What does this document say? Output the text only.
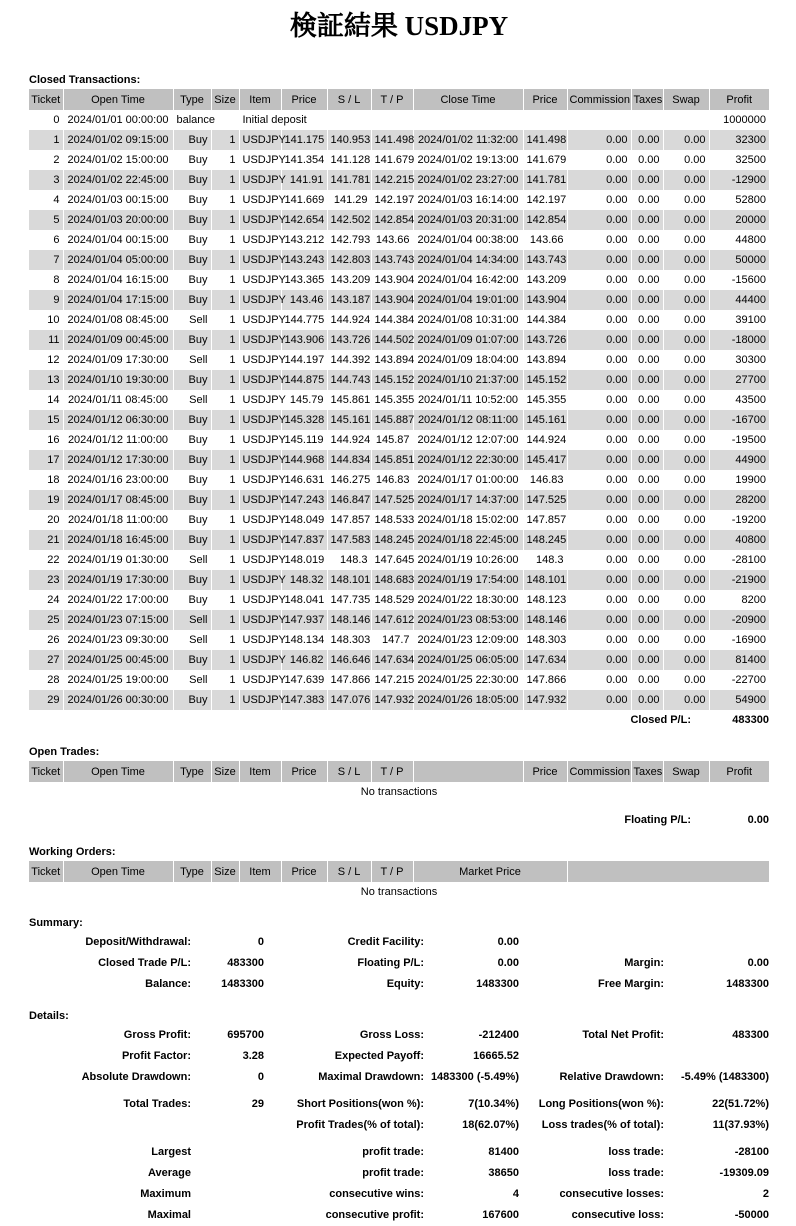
検証結果 USDJPY
Closed Transactions:
Ticket	Open Time	Type	Size	Item	Price	S / L	T / P	Close Time	Price	Commission	Taxes	Swap	Profit
0	2024/01/01 00:00:00	balance		Initial deposit									1000000
1	2024/01/02 09:15:00	Buy	1	USDJPY	141.175	140.953	141.498	2024/01/02 11:32:00	141.498	0.00	0.00	0.00	32300
2	2024/01/02 15:00:00	Buy	1	USDJPY	141.354	141.128	141.679	2024/01/02 19:13:00	141.679	0.00	0.00	0.00	32500
3	2024/01/02 22:45:00	Buy	1	USDJPY	141.91	141.781	142.215	2024/01/02 23:27:00	141.781	0.00	0.00	0.00	-12900
4	2024/01/03 00:15:00	Buy	1	USDJPY	141.669	141.29	142.197	2024/01/03 16:14:00	142.197	0.00	0.00	0.00	52800
5	2024/01/03 20:00:00	Buy	1	USDJPY	142.654	142.502	142.854	2024/01/03 20:31:00	142.854	0.00	0.00	0.00	20000
6	2024/01/04 00:15:00	Buy	1	USDJPY	143.212	142.793	143.66	2024/01/04 00:38:00	143.66	0.00	0.00	0.00	44800
7	2024/01/04 05:00:00	Buy	1	USDJPY	143.243	142.803	143.743	2024/01/04 14:34:00	143.743	0.00	0.00	0.00	50000
8	2024/01/04 16:15:00	Buy	1	USDJPY	143.365	143.209	143.904	2024/01/04 16:42:00	143.209	0.00	0.00	0.00	-15600
9	2024/01/04 17:15:00	Buy	1	USDJPY	143.46	143.187	143.904	2024/01/04 19:01:00	143.904	0.00	0.00	0.00	44400
10	2024/01/08 08:45:00	Sell	1	USDJPY	144.775	144.924	144.384	2024/01/08 10:31:00	144.384	0.00	0.00	0.00	39100
11	2024/01/09 00:45:00	Buy	1	USDJPY	143.906	143.726	144.502	2024/01/09 01:07:00	143.726	0.00	0.00	0.00	-18000
12	2024/01/09 17:30:00	Sell	1	USDJPY	144.197	144.392	143.894	2024/01/09 18:04:00	143.894	0.00	0.00	0.00	30300
13	2024/01/10 19:30:00	Buy	1	USDJPY	144.875	144.743	145.152	2024/01/10 21:37:00	145.152	0.00	0.00	0.00	27700
14	2024/01/11 08:45:00	Sell	1	USDJPY	145.79	145.861	145.355	2024/01/11 10:52:00	145.355	0.00	0.00	0.00	43500
15	2024/01/12 06:30:00	Buy	1	USDJPY	145.328	145.161	145.887	2024/01/12 08:11:00	145.161	0.00	0.00	0.00	-16700
16	2024/01/12 11:00:00	Buy	1	USDJPY	145.119	144.924	145.87	2024/01/12 12:07:00	144.924	0.00	0.00	0.00	-19500
17	2024/01/12 17:30:00	Buy	1	USDJPY	144.968	144.834	145.851	2024/01/12 22:30:00	145.417	0.00	0.00	0.00	44900
18	2024/01/16 23:00:00	Buy	1	USDJPY	146.631	146.275	146.83	2024/01/17 01:00:00	146.83	0.00	0.00	0.00	19900
19	2024/01/17 08:45:00	Buy	1	USDJPY	147.243	146.847	147.525	2024/01/17 14:37:00	147.525	0.00	0.00	0.00	28200
20	2024/01/18 11:00:00	Buy	1	USDJPY	148.049	147.857	148.533	2024/01/18 15:02:00	147.857	0.00	0.00	0.00	-19200
21	2024/01/18 16:45:00	Buy	1	USDJPY	147.837	147.583	148.245	2024/01/18 22:45:00	148.245	0.00	0.00	0.00	40800
22	2024/01/19 01:30:00	Sell	1	USDJPY	148.019	148.3	147.645	2024/01/19 10:26:00	148.3	0.00	0.00	0.00	-28100
23	2024/01/19 17:30:00	Buy	1	USDJPY	148.32	148.101	148.683	2024/01/19 17:54:00	148.101	0.00	0.00	0.00	-21900
24	2024/01/22 17:00:00	Buy	1	USDJPY	148.041	147.735	148.529	2024/01/22 18:30:00	148.123	0.00	0.00	0.00	8200
25	2024/01/23 07:15:00	Sell	1	USDJPY	147.937	148.146	147.612	2024/01/23 08:53:00	148.146	0.00	0.00	0.00	-20900
26	2024/01/23 09:30:00	Sell	1	USDJPY	148.134	148.303	147.7	2024/01/23 12:09:00	148.303	0.00	0.00	0.00	-16900
27	2024/01/25 00:45:00	Buy	1	USDJPY	146.82	146.646	147.634	2024/01/25 06:05:00	147.634	0.00	0.00	0.00	81400
28	2024/01/25 19:00:00	Sell	1	USDJPY	147.639	147.866	147.215	2024/01/25 22:30:00	147.866	0.00	0.00	0.00	-22700
29	2024/01/26 00:30:00	Buy	1	USDJPY	147.383	147.076	147.932	2024/01/26 18:05:00	147.932	0.00	0.00	0.00	54900
Closed P/L:	483300
Open Trades:
Ticket	Open Time	Type	Size	Item	Price	S / L	T / P		Price	Commission	Taxes	Swap	Profit
No transactions
Floating P/L:	0.00
Working Orders:
Ticket	Open Time	Type	Size	Item	Price	S / L	T / P	Market Price	
No transactions
Summary:
Deposit/Withdrawal:	0	Credit Facility:	0.00
Closed Trade P/L:	483300	Floating P/L:	0.00	Margin:	0.00
Balance:	1483300	Equity:	1483300	Free Margin:	1483300
Details:
Gross Profit:	695700	Gross Loss:	-212400	Total Net Profit:	483300
Profit Factor:	3.28	Expected Payoff:	16665.52
Absolute Drawdown:	0	Maximal Drawdown: 1483300 (-5.49%)	Relative Drawdown:	-5.49% (1483300)
Total Trades:	29	Short Positions(won %):	7(10.34%)	Long Positions(won %):	22(51.72%)
Profit Trades(% of total):	18(62.07%)	Loss trades(% of total):	11(37.93%)
Largest	profit trade:	81400	loss trade:	-28100
Average	profit trade:	38650	loss trade:	-19309.09
Maximum	consecutive wins:	4	consecutive losses:	2
Maximal	consecutive profit:	167600	consecutive loss:	-50000
